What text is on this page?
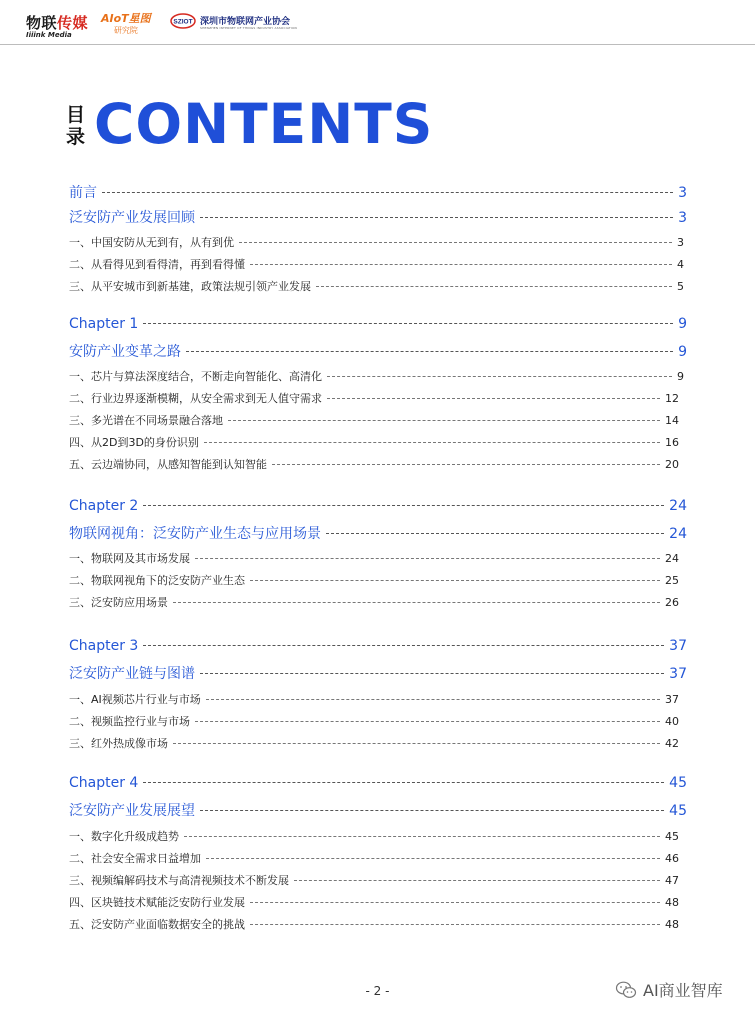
物联传媒
Iiiink Media
AIoT星图
研究院
SZIOT 深圳市物联网产业协会
SHENZHEN INTERNET OF THINGS INDUSTRY ASSOCIATION
目录 CONTENTS
前言	3
泛安防产业发展回顾	3
一、中国安防从无到有，从有到优	3
二、从看得见到看得清，再到看得懂	4
三、从平安城市到新基建，政策法规引领产业发展	5
Chapter 1	9
安防产业变革之路	9
一、芯片与算法深度结合，不断走向智能化、高清化	9
二、行业边界逐渐模糊，从安全需求到无人值守需求	12
三、多光谱在不同场景融合落地	14
四、从2D到3D的身份识别	16
五、云边端协同，从感知智能到认知智能	20
Chapter 2	24
物联网视角：泛安防产业生态与应用场景	24
一、物联网及其市场发展	24
二、物联网视角下的泛安防产业生态	25
三、泛安防应用场景	26
Chapter 3	37
泛安防产业链与图谱	37
一、AI视频芯片行业与市场	37
二、视频监控行业与市场	40
三、红外热成像市场	42
Chapter 4	45
泛安防产业发展展望	45
一、数字化升级成趋势	45
二、社会安全需求日益增加	46
三、视频编解码技术与高清视频技术不断发展	47
四、区块链技术赋能泛安防行业发展	48
五、泛安防产业面临数据安全的挑战	48
- 2 -	AI商业智库
